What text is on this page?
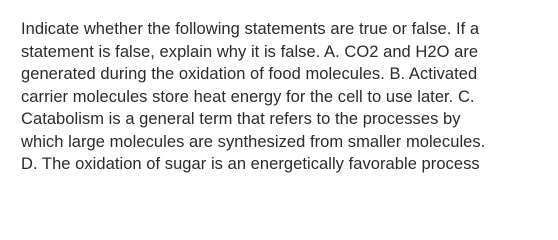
Indicate whether the following statements are true or false. If a
statement is false, explain why it is false. A. CO2 and H2O are
generated during the oxidation of food molecules. B. Activated
carrier molecules store heat energy for the cell to use later. C.
Catabolism is a general term that refers to the processes by
which large molecules are synthesized from smaller molecules.
D. The oxidation of sugar is an energetically favorable process
